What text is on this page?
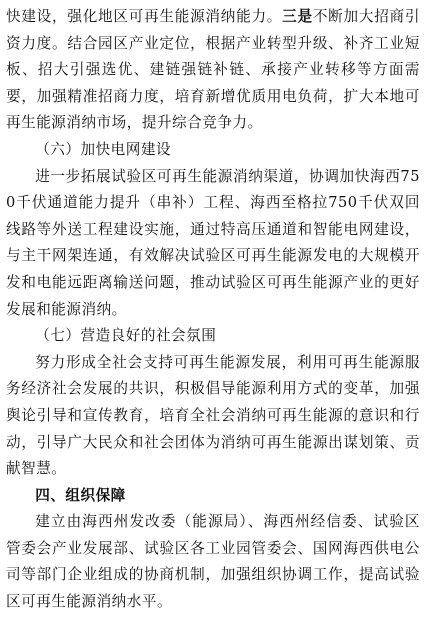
快建设，强化地区可再生能源消纳能力。三是不断加大招商引资力度。结合园区产业定位，根据产业转型升级、补齐工业短板、招大引强选优、建链强链补链、承接产业转移等方面需要，加强精准招商力度，培育新增优质用电负荷，扩大本地可再生能源消纳市场，提升综合竞争力。

（六）加快电网建设

进一步拓展试验区可再生能源消纳渠道，协调加快海西750千伏通道能力提升（串补）工程、海西至格拉750千伏双回线路等外送工程建设实施，通过特高压通道和智能电网建设，与主干网架连通，有效解决试验区可再生能源发电的大规模开发和电能远距离输送问题，推动试验区可再生能源产业的更好发展和能源消纳。

（七）营造良好的社会氛围

努力形成全社会支持可再生能源发展，利用可再生能源服务经济社会发展的共识，积极倡导能源利用方式的变革，加强舆论引导和宣传教育，培育全社会消纳可再生能源的意识和行动，引导广大民众和社会团体为消纳可再生能源出谋划策、贡献智慧。

四、组织保障

建立由海西州发改委（能源局）、海西州经信委、试验区管委会产业发展部、试验区各工业园管委会、国网海西供电公司等部门企业组成的协商机制，加强组织协调工作，提高试验区可再生能源消纳水平。
